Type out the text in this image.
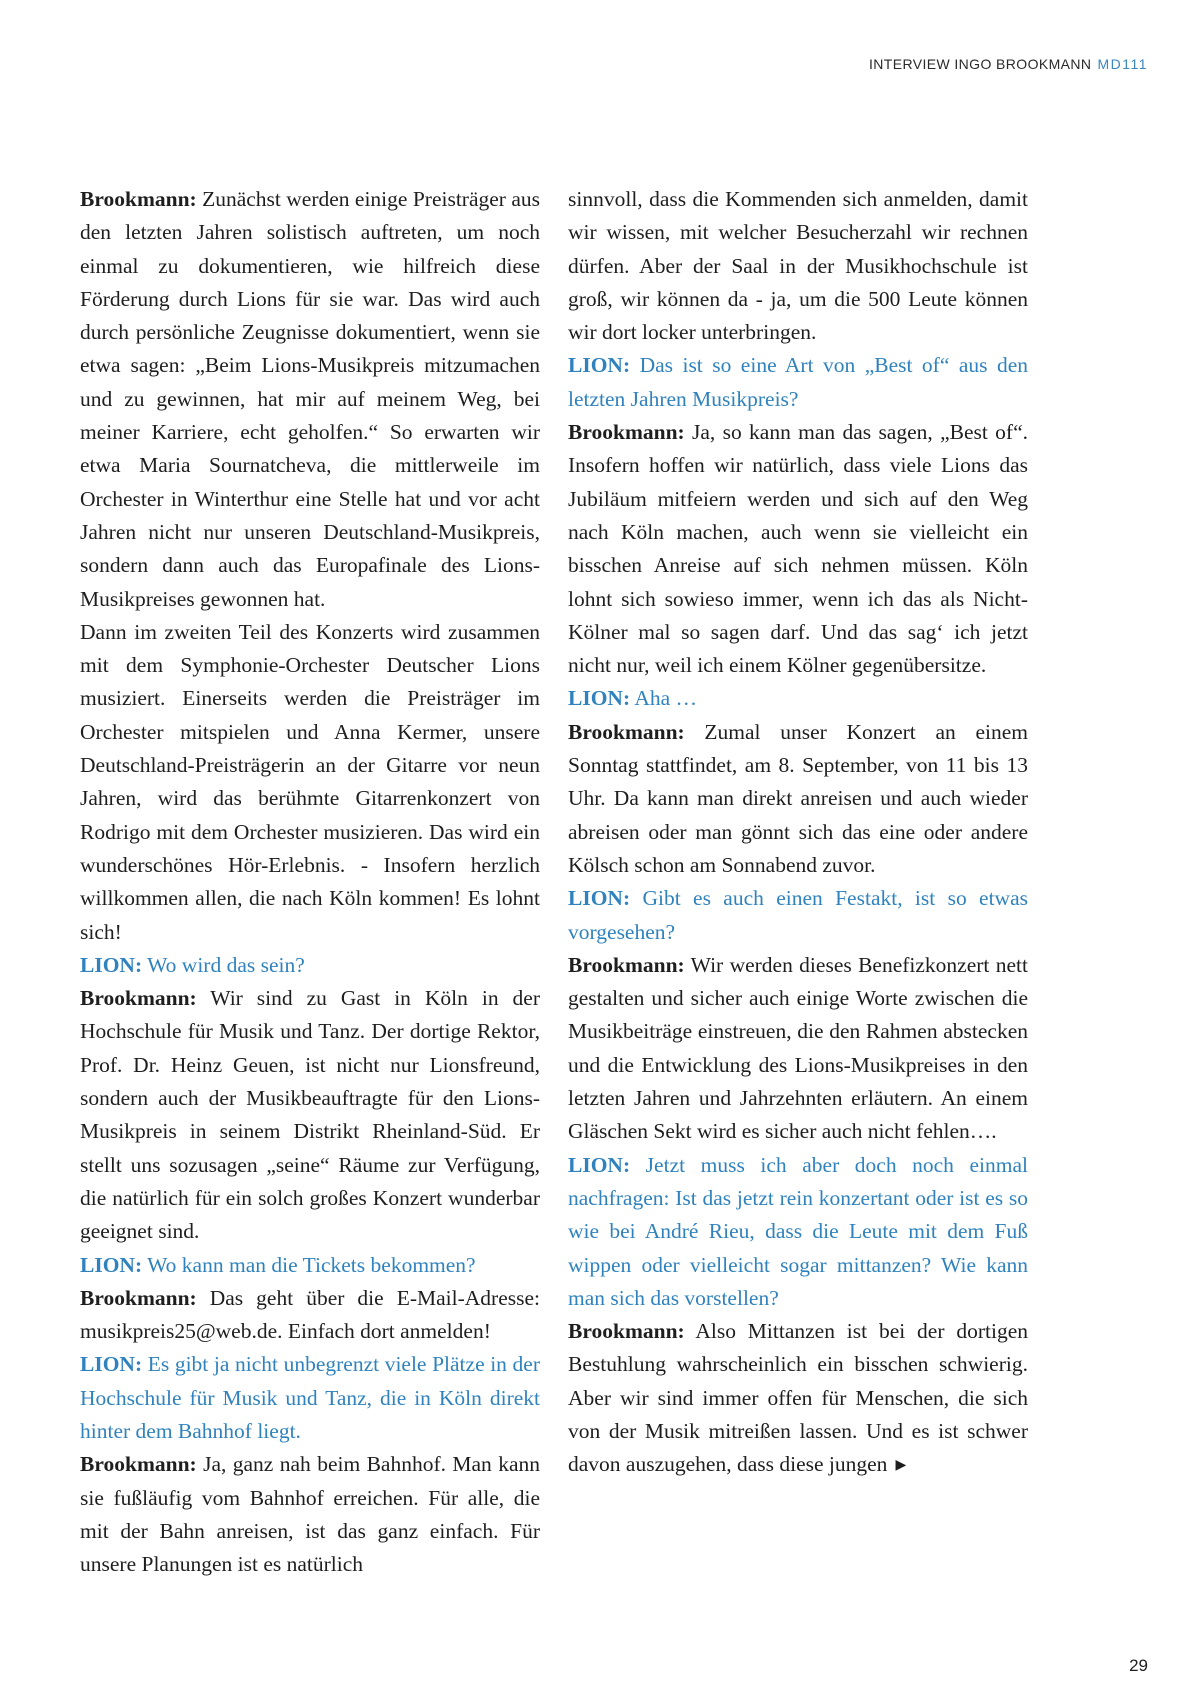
INTERVIEW INGO BROOKMANN MD111

Brookmann: Zunächst werden einige Preisträger aus den letzten Jahren solistisch auftreten, um noch einmal zu dokumentieren, wie hilfreich diese Förderung durch Lions für sie war. Das wird auch durch persönliche Zeugnisse dokumentiert, wenn sie etwa sagen: „Beim Lions-Musikpreis mitzumachen und zu gewinnen, hat mir auf meinem Weg, bei meiner Karriere, echt geholfen.“ So erwarten wir etwa Maria Sournatcheva, die mittlerweile im Orchester in Winterthur eine Stelle hat und vor acht Jahren nicht nur unseren Deutschland-Musikpreis, sondern dann auch das Europafinale des Lions-Musikpreises gewonnen hat.

Dann im zweiten Teil des Konzerts wird zusammen mit dem Symphonie-Orchester Deutscher Lions musiziert. Einerseits werden die Preisträger im Orchester mitspielen und Anna Kermer, unsere Deutschland-Preisträgerin an der Gitarre vor neun Jahren, wird das berühmte Gitarrenkonzert von Rodrigo mit dem Orchester musizieren. Das wird ein wunderschönes Hör-Erlebnis. - Insofern herzlich willkommen allen, die nach Köln kommen! Es lohnt sich!

LION: Wo wird das sein?

Brookmann: Wir sind zu Gast in Köln in der Hochschule für Musik und Tanz. Der dortige Rektor, Prof. Dr. Heinz Geuen, ist nicht nur Lionsfreund, sondern auch der Musikbeauftragte für den Lions-Musikpreis in seinem Distrikt Rheinland-Süd. Er stellt uns sozusagen „seine“ Räume zur Verfügung, die natürlich für ein solch großes Konzert wunderbar geeignet sind.

LION: Wo kann man die Tickets bekommen?

Brookmann: Das geht über die E-Mail-Adresse: musikpreis25@web.de. Einfach dort anmelden!

LION: Es gibt ja nicht unbegrenzt viele Plätze in der Hochschule für Musik und Tanz, die in Köln direkt hinter dem Bahnhof liegt.

Brookmann: Ja, ganz nah beim Bahnhof. Man kann sie fußläufig vom Bahnhof erreichen. Für alle, die mit der Bahn anreisen, ist das ganz einfach. Für unsere Planungen ist es natürlich

sinnvoll, dass die Kommenden sich anmelden, damit wir wissen, mit welcher Besucherzahl wir rechnen dürfen. Aber der Saal in der Musikhochschule ist groß, wir können da - ja, um die 500 Leute können wir dort locker unterbringen.

LION: Das ist so eine Art von „Best of“ aus den letzten Jahren Musikpreis?

Brookmann: Ja, so kann man das sagen, „Best of“. Insofern hoffen wir natürlich, dass viele Lions das Jubiläum mitfeiern werden und sich auf den Weg nach Köln machen, auch wenn sie vielleicht ein bisschen Anreise auf sich nehmen müssen. Köln lohnt sich sowieso immer, wenn ich das als Nicht-Kölner mal so sagen darf. Und das sag‘ ich jetzt nicht nur, weil ich einem Kölner gegenübersitze.

LION: Aha …

Brookmann: Zumal unser Konzert an einem Sonntag stattfindet, am 8. September, von 11 bis 13 Uhr. Da kann man direkt anreisen und auch wieder abreisen oder man gönnt sich das eine oder andere Kölsch schon am Sonnabend zuvor.

LION: Gibt es auch einen Festakt, ist so etwas vorgesehen?

Brookmann: Wir werden dieses Benefizkonzert nett gestalten und sicher auch einige Worte zwischen die Musikbeiträge einstreuen, die den Rahmen abstecken und die Entwicklung des Lions-Musikpreises in den letzten Jahren und Jahrzehnten erläutern. An einem Gläschen Sekt wird es sicher auch nicht fehlen….

LION: Jetzt muss ich aber doch noch einmal nachfragen: Ist das jetzt rein konzertant oder ist es so wie bei André Rieu, dass die Leute mit dem Fuß wippen oder vielleicht sogar mittanzen? Wie kann man sich das vorstellen?

Brookmann: Also Mittanzen ist bei der dortigen Bestuhlung wahrscheinlich ein bisschen schwierig. Aber wir sind immer offen für Menschen, die sich von der Musik mitreißen lassen. Und es ist schwer davon auszugehen, dass diese jungen ▶

29
